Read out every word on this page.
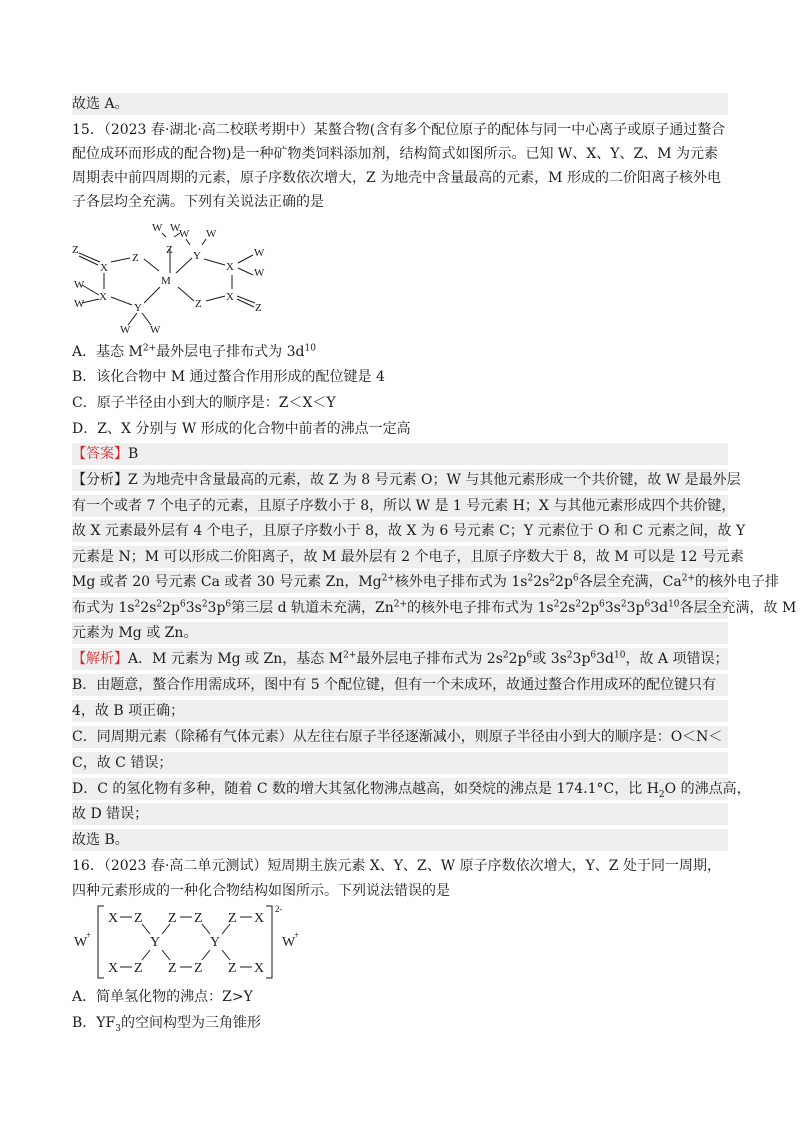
故选 A。
15．（2023 春·湖北·高二校联考期中）某螯合物(含有多个配位原子的配体与同一中心离子或原子通过螯合
配位成环而形成的配合物)是一种矿物类饲料添加剂，结构简式如图所示。已知 W、X、Y、Z、M 为元素
周期表中前四周期的元素，原子序数依次增大，Z 为地壳中含量最高的元素，M 形成的二价阳离子核外电
子各层均全充满。下列有关说法正确的是
Z
X
Z
W
X
W	Y
W W
M
Z
W W
W W
Y
X
W
W
Z
X
Z
A．基态 $M^{2+}$最外层电子排布式为 $3d^{10}$
B．该化合物中 M 通过螯合作用形成的配位键是 4
C．原子半径由小到大的顺序是：Z＜X＜Y
D．Z、X 分别与 W 形成的化合物中前者的沸点一定高
【答案】B
【分析】Z 为地壳中含量最高的元素，故 Z 为 8 号元素 O；W 与其他元素形成一个共价键，故 W 是最外层
有一个或者 7 个电子的元素，且原子序数小于 8，所以 W 是 1 号元素 H；X 与其他元素形成四个共价键，
故 X 元素最外层有 4 个电子，且原子序数小于 8，故 X 为 6 号元素 C；Y 元素位于 O 和 C 元素之间，故 Y
元素是 N；M 可以形成二价阳离子，故 M 最外层有 2 个电子，且原子序数大于 8，故 M 可以是 12 号元素
Mg 或者 20 号元素 Ca 或者 30 号元素 Zn，$Mg^{2+}$核外电子排布式为 $1s^22s^22p^6$各层全充满，$Ca^{2+}$的核外电子排
布式为 $1s^22s^22p^63s^23p^6$第三层 d 轨道未充满，$Zn^{2+}$的核外电子排布式为 $1s^22s^22p^63s^23p^63d^{10}$各层全充满，故 M
元素为 Mg 或 Zn。
【解析】A．M 元素为 Mg 或 Zn，基态 $M^{2+}$最外层电子排布式为 $2s^22p^6$或 $3s^23p^63d^{10}$，故 A 项错误；
B．由题意，螯合作用需成环，图中有 5 个配位键，但有一个未成环，故通过螯合作用成环的配位键只有
4，故 B 项正确；
C．同周期元素（除稀有气体元素）从左往右原子半径逐渐减小，则原子半径由小到大的顺序是：O＜N＜
C，故 C 错误；
D．C 的氢化物有多种，随着 C 数的增大其氢化物沸点越高，如癸烷的沸点是 174.1°C，比 $H_2O$ 的沸点高，
故 D 错误；
故选 B。
16．（2023 春·高二单元测试）短周期主族元素 X、Y、Z、W 原子序数依次增大，Y、Z 处于同一周期，
四种元素形成的一种化合物结构如图所示。下列说法错误的是
W
+
2-
W
+
X Z Z Z Z X
Y	Y
X Z Z Z Z X
A．简单氢化物的沸点：Z>Y
B．$YF_3$的空间构型为三角锥形
